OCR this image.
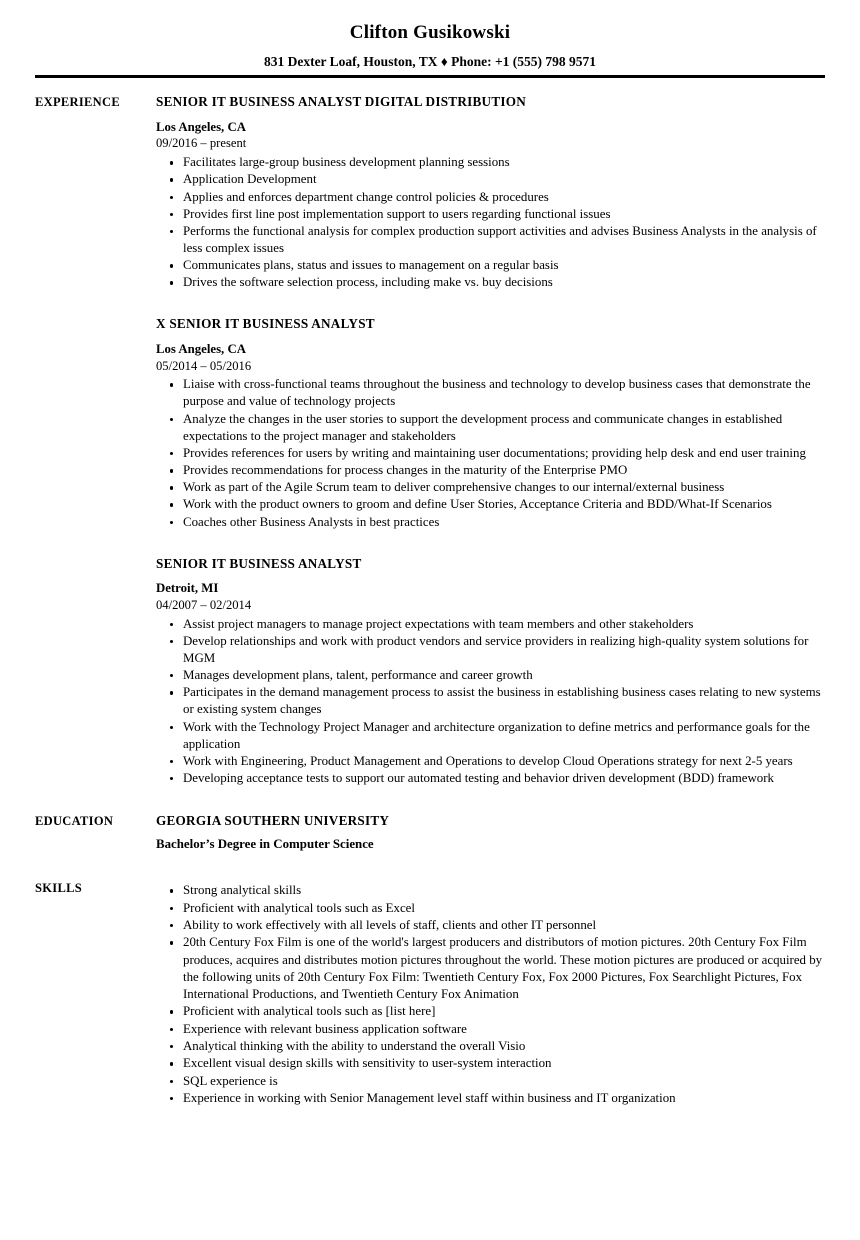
Clifton Gusikowski
831 Dexter Loaf, Houston, TX ♦ Phone: +1 (555) 798 9571
EXPERIENCE	SENIOR IT BUSINESS ANALYST DIGITAL DISTRIBUTION
Los Angeles, CA
09/2016 – present
Facilitates large-group business development planning sessions
Application Development
Applies and enforces department change control policies & procedures
Provides first line post implementation support to users regarding functional issues
Performs the functional analysis for complex production support activities and advises Business Analysts in the analysis of less complex issues
Communicates plans, status and issues to management on a regular basis
Drives the software selection process, including make vs. buy decisions
X SENIOR IT BUSINESS ANALYST
Los Angeles, CA
05/2014 – 05/2016
Liaise with cross-functional teams throughout the business and technology to develop business cases that demonstrate the purpose and value of technology projects
Analyze the changes in the user stories to support the development process and communicate changes in established expectations to the project manager and stakeholders
Provides references for users by writing and maintaining user documentations; providing help desk and end user training
Provides recommendations for process changes in the maturity of the Enterprise PMO
Work as part of the Agile Scrum team to deliver comprehensive changes to our internal/external business
Work with the product owners to groom and define User Stories, Acceptance Criteria and BDD/What-If Scenarios
Coaches other Business Analysts in best practices
SENIOR IT BUSINESS ANALYST
Detroit, MI
04/2007 – 02/2014
Assist project managers to manage project expectations with team members and other stakeholders
Develop relationships and work with product vendors and service providers in realizing high-quality system solutions for MGM
Manages development plans, talent, performance and career growth
Participates in the demand management process to assist the business in establishing business cases relating to new systems or existing system changes
Work with the Technology Project Manager and architecture organization to define metrics and performance goals for the application
Work with Engineering, Product Management and Operations to develop Cloud Operations strategy for next 2-5 years
Developing acceptance tests to support our automated testing and behavior driven development (BDD) framework
EDUCATION	GEORGIA SOUTHERN UNIVERSITY
Bachelor’s Degree in Computer Science
SKILLS	Strong analytical skills
Proficient with analytical tools such as Excel
Ability to work effectively with all levels of staff, clients and other IT personnel
20th Century Fox Film is one of the world's largest producers and distributors of motion pictures. 20th Century Fox Film produces, acquires and distributes motion pictures throughout the world. These motion pictures are produced or acquired by the following units of 20th Century Fox Film: Twentieth Century Fox, Fox 2000 Pictures, Fox Searchlight Pictures, Fox International Productions, and Twentieth Century Fox Animation
Proficient with analytical tools such as [list here]
Experience with relevant business application software
Analytical thinking with the ability to understand the overall Visio
Excellent visual design skills with sensitivity to user-system interaction
SQL experience is
Experience in working with Senior Management level staff within business and IT organization
